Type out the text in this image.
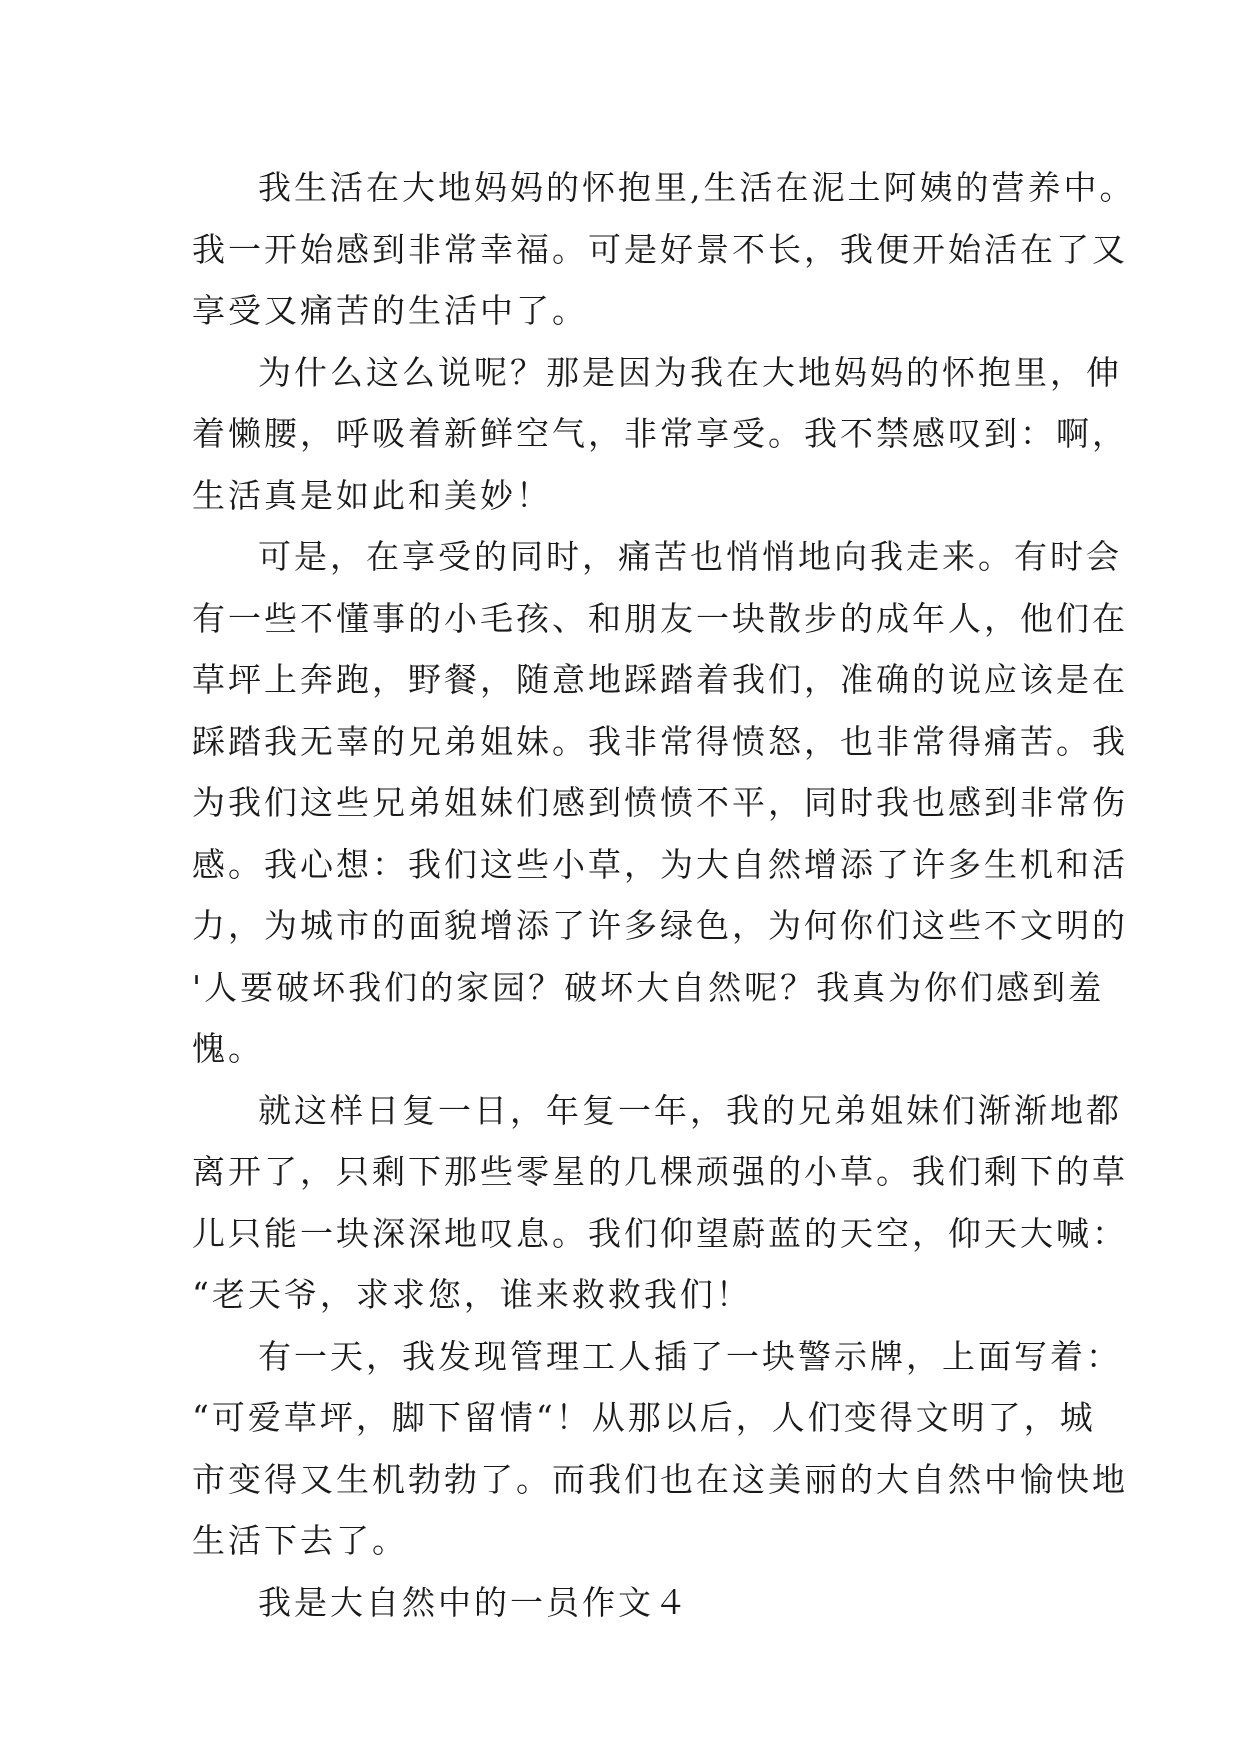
我生活在大地妈妈的怀抱里,生活在泥土阿姨的营养中。
我一开始感到非常幸福。可是好景不长，我便开始活在了又
享受又痛苦的生活中了。

为什么这么说呢？那是因为我在大地妈妈的怀抱里，伸
着懒腰，呼吸着新鲜空气，非常享受。我不禁感叹到：啊，
生活真是如此和美妙！

可是，在享受的同时，痛苦也悄悄地向我走来。有时会
有一些不懂事的小毛孩、和朋友一块散步的成年人，他们在
草坪上奔跑，野餐，随意地踩踏着我们，准确的说应该是在
踩踏我无辜的兄弟姐妹。我非常得愤怒，也非常得痛苦。我
为我们这些兄弟姐妹们感到愤愤不平，同时我也感到非常伤
感。我心想：我们这些小草，为大自然增添了许多生机和活
力，为城市的面貌增添了许多绿色，为何你们这些不文明的
'人要破坏我们的家园？破坏大自然呢？我真为你们感到羞
愧。

就这样日复一日，年复一年，我的兄弟姐妹们渐渐地都
离开了，只剩下那些零星的几棵顽强的小草。我们剩下的草
儿只能一块深深地叹息。我们仰望蔚蓝的天空，仰天大喊：
“老天爷，求求您，谁来救救我们！

有一天，我发现管理工人插了一块警示牌，上面写着：
“可爱草坪，脚下留情“！从那以后，人们变得文明了，城
市变得又生机勃勃了。而我们也在这美丽的大自然中愉快地
生活下去了。

我是大自然中的一员作文４
